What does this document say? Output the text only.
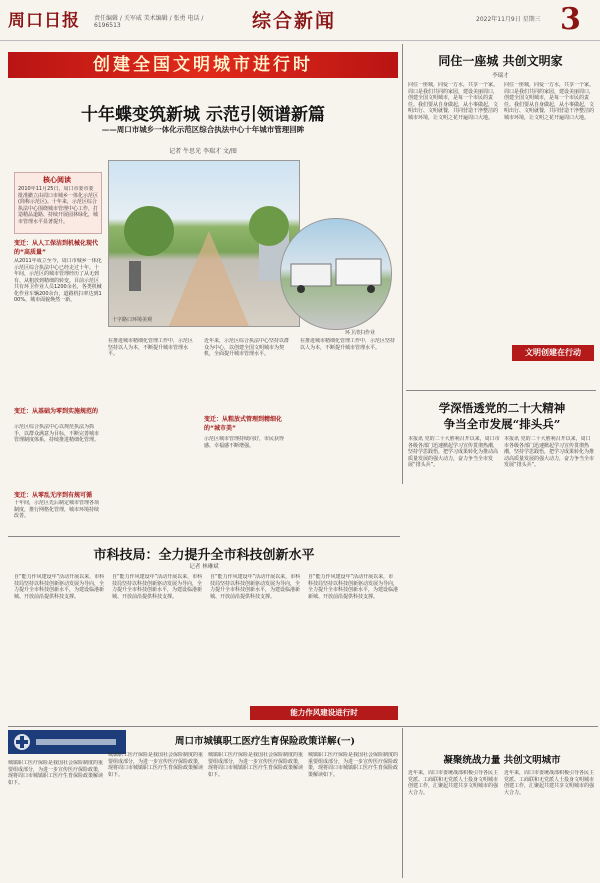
周口日报 责任编辑 / 关军威 美术编辑 / 张勇 电话 / 6196513	综合新闻	2022年11月9日 星期三 3
创建全国文明城市进行时
十年蝶变筑新城 示范引领谱新篇
——周口市城乡一体化示范区综合执法中心十年城市管理回眸
记者 牛思光 李瑞才 文/图
核心阅读
2010年11月25日，周口市委市委批准撤立由周口市城乡一体化示范区(简称示范区)。十年来，示范区综合执法中心围绕城市管理中心工作，打造精品道路、持续开展园林绿化，城市管理水平显著提升。
变迁：从人工保洁到机械化现代的“高质量”
从2011年成立至今，周口市城乡一体化示范区综合执法中心已经走过十年。十年间，示范区的城市管理经历了从无到有、从粗放到精细的转变。目前示范区共有环卫作业人员1200余名，各类机械化作业车辆200余台，道路机扫率达到100%，城市面貌焕然一新。
变迁：从基础为零到实施规范的
示范区综合执法中心以规范执法为抓手，以群众满意为目标，不断完善城市管理制度体系，持续推进精细化管理。
变迁：从零乱无序到有规可循
十年间，示范区先后制定城市管理各项制度，推行网格化管理，城市环境持续改善。
十字路口环境美观
环卫清扫作业
在推进城市精细化管理工作中，示范区坚持以人为本，不断提升城市管理水平。
近年来，示范区综合执法中心坚持以群众为中心，以创建全国文明城市为契机，全面提升城市管理水平。
变迁：从粗放式管理到精细化的“城市美”
示范区城市管理持续向好，市民获得感、幸福感不断增强。
在推进城市精细化管理工作中，示范区坚持以人为本，不断提升城市管理水平。
同住一座城 共创文明家
李瑞才
同住一座城，同爱一方水，共享一个家。周口是我们共同的家园，建设美丽周口，创建全国文明城市，是每一个市民的责任。我们要从自身做起，从小事做起，文明出行、文明就餐，共同营造干净整洁的城市环境，让文明之花开遍周口大地。
同住一座城，同爱一方水，共享一个家。周口是我们共同的家园，建设美丽周口，创建全国文明城市，是每一个市民的责任。我们要从自身做起，从小事做起，文明出行、文明就餐，共同营造干净整洁的城市环境，让文明之花开遍周口大地。
文明创建在行动
学深悟透党的二十大精神
争当全市发展“排头兵”
本报讯 党的二十大胜利召开以来，周口市各级各部门迅速掀起学习宣传贯彻热潮，坚持学思践悟，把学习成果转化为推动高质量发展的强大动力，奋力争当全市发展“排头兵”。
本报讯 党的二十大胜利召开以来，周口市各级各部门迅速掀起学习宣传贯彻热潮，坚持学思践悟，把学习成果转化为推动高质量发展的强大动力，奋力争当全市发展“排头兵”。
市科技局：全力提升全市科技创新水平
记者 林琳斌
自“能力作风建设年”活动开展以来，市科技局坚持以科技创新驱动发展为导向，全力提升全市科技创新水平，为建设临港新城、开放前沿提供科技支撑。
自“能力作风建设年”活动开展以来，市科技局坚持以科技创新驱动发展为导向，全力提升全市科技创新水平，为建设临港新城、开放前沿提供科技支撑。
自“能力作风建设年”活动开展以来，市科技局坚持以科技创新驱动发展为导向，全力提升全市科技创新水平，为建设临港新城、开放前沿提供科技支撑。
自“能力作风建设年”活动开展以来，市科技局坚持以科技创新驱动发展为导向，全力提升全市科技创新水平，为建设临港新城、开放前沿提供科技支撑。
能力作风建设进行时
周口市城镇职工医疗生育保险政策详解(一)
城镇职工医疗保险是我国社会保险制度的重要组成部分，为进一步宣传医疗保险政策，现将周口市城镇职工医疗生育保险政策解读如下。
城镇职工医疗保险是我国社会保险制度的重要组成部分，为进一步宣传医疗保险政策，现将周口市城镇职工医疗生育保险政策解读如下。
城镇职工医疗保险是我国社会保险制度的重要组成部分，为进一步宣传医疗保险政策，现将周口市城镇职工医疗生育保险政策解读如下。
城镇职工医疗保险是我国社会保险制度的重要组成部分，为进一步宣传医疗保险政策，现将周口市城镇职工医疗生育保险政策解读如下。
凝聚统战力量 共创文明城市
近年来，周口市委统战部积极引导各民主党派、工商联和无党派人士投身文明城市创建工作，汇聚起共建共享文明城市的强大合力。
近年来，周口市委统战部积极引导各民主党派、工商联和无党派人士投身文明城市创建工作，汇聚起共建共享文明城市的强大合力。
